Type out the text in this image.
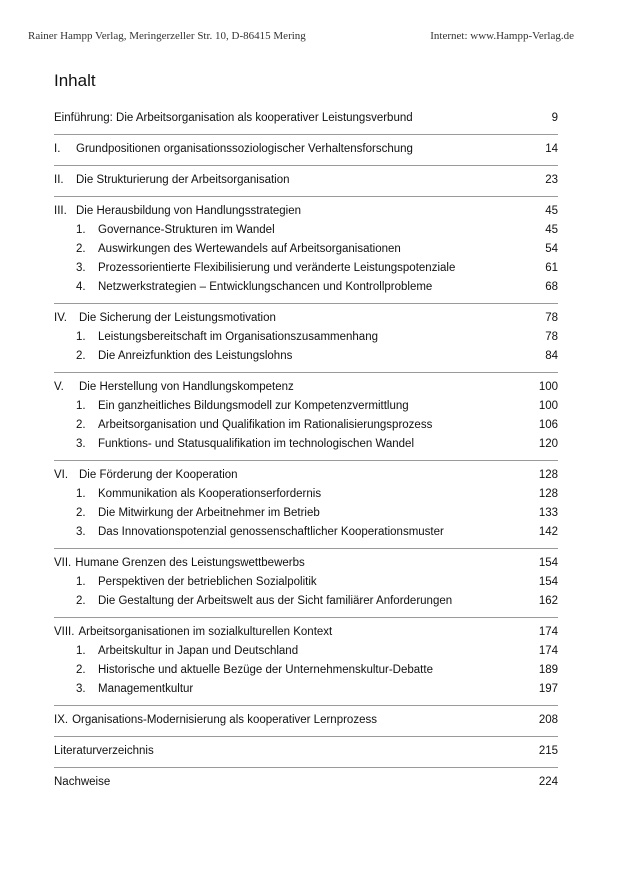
Rainer Hampp Verlag, Meringerzeller Str. 10, D-86415 Mering	Internet: www.Hampp-Verlag.de
Inhalt
Einführung: Die Arbeitsorganisation als kooperativer Leistungsverbund	9
I. Grundpositionen organisationssoziologischer Verhaltensforschung	14
II. Die Strukturierung der Arbeitsorganisation	23
III. Die Herausbildung von Handlungsstrategien	45
1. Governance-Strukturen im Wandel	45
2. Auswirkungen des Wertewandels auf Arbeitsorganisationen	54
3. Prozessorientierte Flexibilisierung und veränderte Leistungspotenziale	61
4. Netzwerkstrategien – Entwicklungschancen und Kontrollprobleme	68
IV. Die Sicherung der Leistungsmotivation	78
1. Leistungsbereitschaft im Organisationszusammenhang	78
2. Die Anreizfunktion des Leistungslohns	84
V. Die Herstellung von Handlungskompetenz	100
1. Ein ganzheitliches Bildungsmodell zur Kompetenzvermittlung	100
2. Arbeitsorganisation und Qualifikation im Rationalisierungsprozess	106
3. Funktions- und Statusqualifikation im technologischen Wandel	120
VI. Die Förderung der Kooperation	128
1. Kommunikation als Kooperationserfordernis	128
2. Die Mitwirkung der Arbeitnehmer im Betrieb	133
3. Das Innovationspotenzial genossenschaftlicher Kooperationsmuster	142
VII. Humane Grenzen des Leistungswettbewerbs	154
1. Perspektiven der betrieblichen Sozialpolitik	154
2. Die Gestaltung der Arbeitswelt aus der Sicht familiärer Anforderungen	162
VIII. Arbeitsorganisationen im sozialkulturellen Kontext	174
1. Arbeitskultur in Japan und Deutschland	174
2. Historische und aktuelle Bezüge der Unternehmenskultur-Debatte	189
3. Managementkultur	197
IX. Organisations-Modernisierung als kooperativer Lernprozess	208
Literaturverzeichnis	215
Nachweise	224
